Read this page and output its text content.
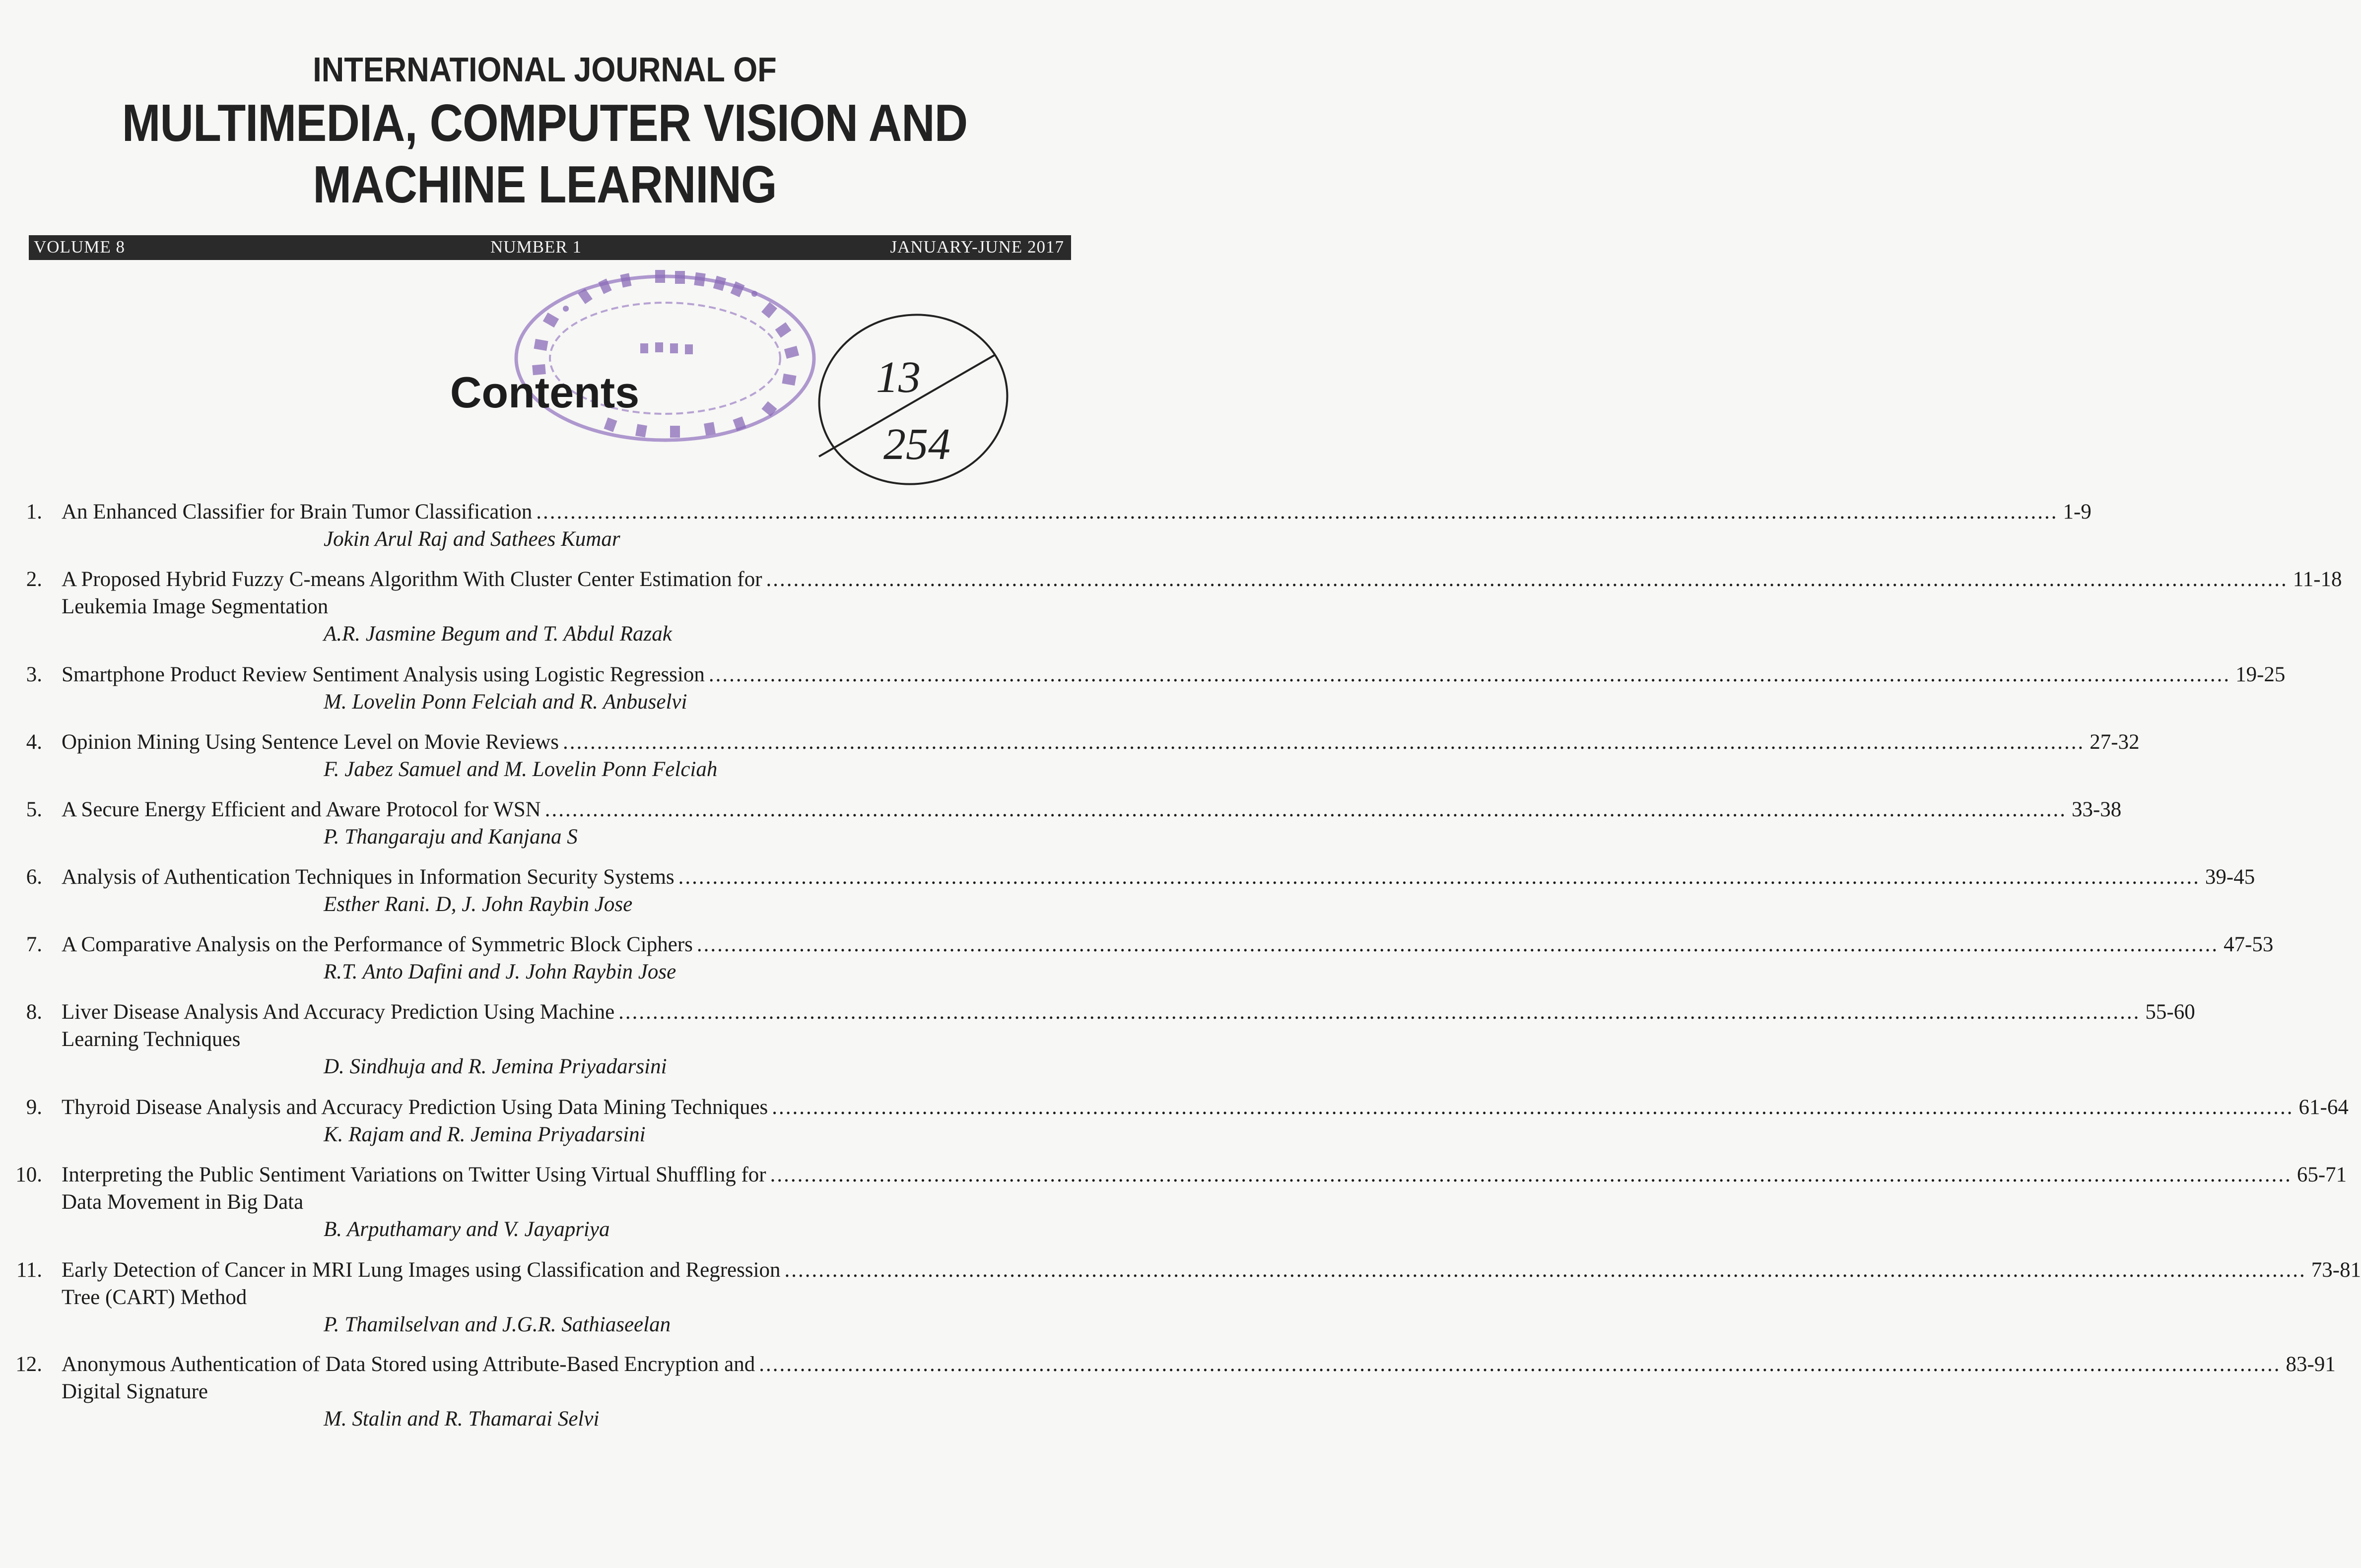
INTERNATIONAL JOURNAL OF
MULTIMEDIA, COMPUTER VISION AND
MACHINE LEARNING
VOLUME 8	NUMBER 1	JANUARY-JUNE 2017
13
254
Contents
1. An Enhanced Classifier for Brain Tumor Classification ............................................................................................................................................................................................................................... 1-9
Jokin Arul Raj and Sathees Kumar
2. A Proposed Hybrid Fuzzy C-means Algorithm With Cluster Center Estimation for ............................................................................................................................................................................................................................... 11-18
Leukemia Image Segmentation
A.R. Jasmine Begum and T. Abdul Razak
3. Smartphone Product Review Sentiment Analysis using Logistic Regression ............................................................................................................................................................................................................................... 19-25
M. Lovelin Ponn Felciah and R. Anbuselvi
4. Opinion Mining Using Sentence Level on Movie Reviews ............................................................................................................................................................................................................................... 27-32
F. Jabez Samuel and M. Lovelin Ponn Felciah
5. A Secure Energy Efficient and Aware Protocol for WSN ............................................................................................................................................................................................................................... 33-38
P. Thangaraju and Kanjana S
6. Analysis of Authentication Techniques in Information Security Systems ............................................................................................................................................................................................................................... 39-45
Esther Rani. D, J. John Raybin Jose
7. A Comparative Analysis on the Performance of Symmetric Block Ciphers ............................................................................................................................................................................................................................... 47-53
R.T. Anto Dafini and J. John Raybin Jose
8. Liver Disease Analysis And Accuracy Prediction Using Machine ............................................................................................................................................................................................................................... 55-60
Learning Techniques
D. Sindhuja and R. Jemina Priyadarsini
9. Thyroid Disease Analysis and Accuracy Prediction Using Data Mining Techniques ............................................................................................................................................................................................................................... 61-64
K. Rajam and R. Jemina Priyadarsini
10. Interpreting the Public Sentiment Variations on Twitter Using Virtual Shuffling for ............................................................................................................................................................................................................................... 65-71
Data Movement in Big Data
B. Arputhamary and V. Jayapriya
11. Early Detection of Cancer in MRI Lung Images using Classification and Regression ............................................................................................................................................................................................................................... 73-81
Tree (CART) Method
P. Thamilselvan and J.G.R. Sathiaseelan
12. Anonymous Authentication of Data Stored using Attribute-Based Encryption and ............................................................................................................................................................................................................................... 83-91
Digital Signature
M. Stalin and R. Thamarai Selvi
